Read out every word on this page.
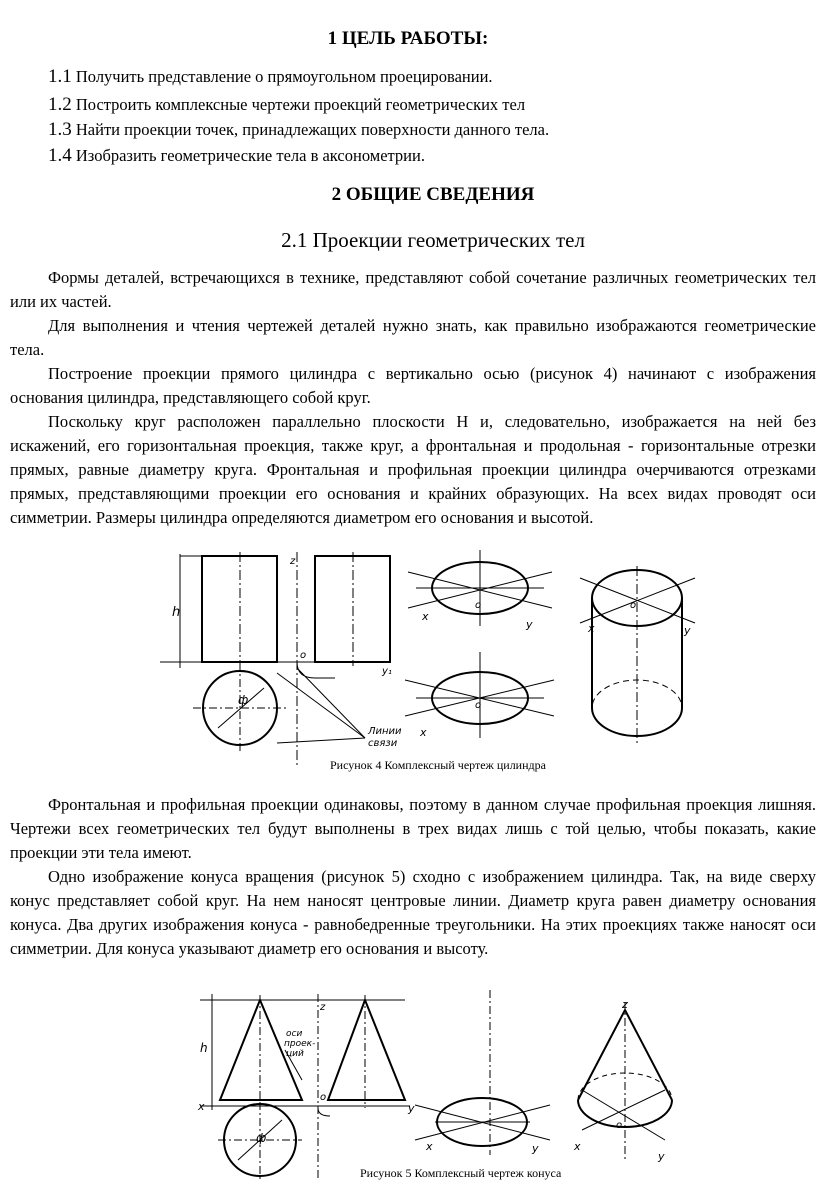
1 ЦЕЛЬ РАБОТЫ:
1.1 Получить представление о прямоугольном проецировании.
1.2 Построить комплексные чертежи проекций геометрических тел
1.3 Найти проекции точек, принадлежащих поверхности данного тела.
1.4 Изобразить геометрические тела в аксонометрии.
2 ОБЩИЕ СВЕДЕНИЯ
2.1 Проекции геометрических тел

Формы деталей, встречающихся в технике, представляют собой сочетание различных геометрических тел или их частей.

Для выполнения и чтения чертежей деталей нужно знать, как правильно изображаются геометрические тела.

Построение проекции прямого цилиндра с вертикально осью (рисунок 4) начинают с изображения основания цилиндра, представляющего собой круг.

Поскольку круг расположен параллельно плоскости Н и, следовательно, изображается на ней без искажений, его горизонтальная проекция, также круг, а фронтальная и продольная - горизонтальные отрезки прямых, равные диаметру круга. Фронтальная и профильная проекции цилиндра очерчиваются отрезками прямых, представляющими проекции его основания и крайних образующих. На всех видах проводят оси симметрии. Размеры цилиндра определяются диаметром его основания и высотой.

h
z
o
y₁
ф
Линии
связи
x
y
o
x
o
x	y
o
Рисунок 4 Комплексный чертеж цилиндра

Фронтальная и профильная проекции одинаковы, поэтому в данном случае профильная проекция лишняя. Чертежи всех геометрических тел будут выполнены в трех видах лишь с той целью, чтобы показать, какие проекции эти тела имеют.

Одно изображение конуса вращения (рисунок 5) сходно с изображением цилиндра. Так, на виде сверху конус представляет собой круг. На нем наносят центровые линии. Диаметр круга равен диаметру основания конуса. Два других изображения конуса - равнобедренные треугольники. На этих проекциях также наносят оси симметрии. Для конуса указывают диаметр его основания и высоту.

h
z
o
x	y
ф
оси
проек-
ций
x	y
z
o
x
y
Рисунок 5 Комплексный чертеж конуса
